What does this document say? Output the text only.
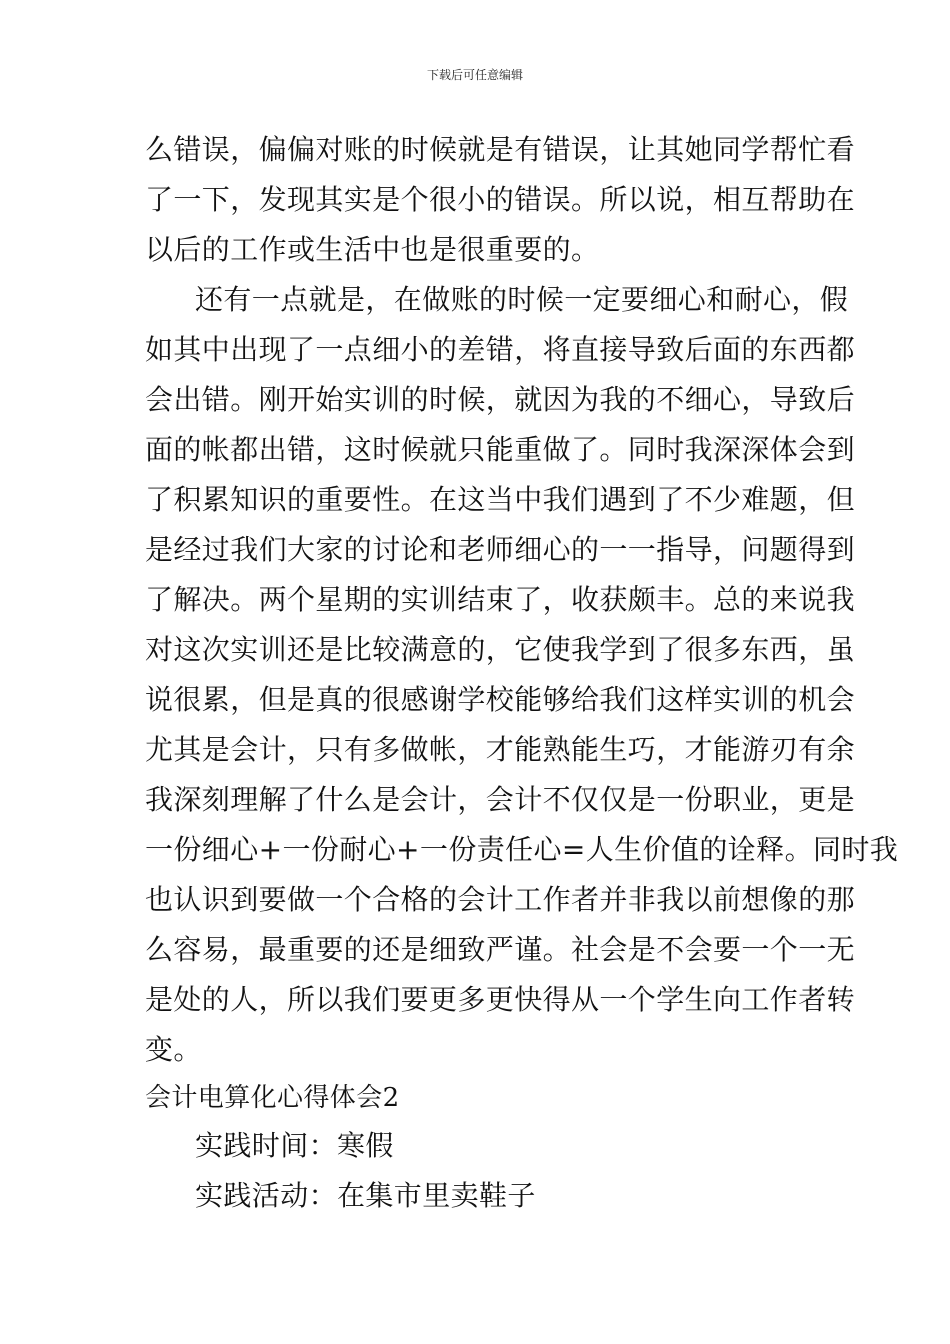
下载后可任意编辑
么错误，偏偏对账的时候就是有错误，让其她同学帮忙看
了一下，发现其实是个很小的错误。所以说，相互帮助在
以后的工作或生活中也是很重要的。
还有一点就是，在做账的时候一定要细心和耐心，假
如其中出现了一点细小的差错，将直接导致后面的东西都
会出错。刚开始实训的时候，就因为我的不细心，导致后
面的帐都出错，这时候就只能重做了。同时我深深体会到
了积累知识的重要性。在这当中我们遇到了不少难题，但
是经过我们大家的讨论和老师细心的一一指导，问题得到
了解决。两个星期的实训结束了，收获颇丰。总的来说我
对这次实训还是比较满意的，它使我学到了很多东西，虽
说很累，但是真的很感谢学校能够给我们这样实训的机会
尤其是会计，只有多做帐，才能熟能生巧，才能游刃有余
我深刻理解了什么是会计，会计不仅仅是一份职业，更是
一份细心+一份耐心+一份责任心=人生价值的诠释。同时我
也认识到要做一个合格的会计工作者并非我以前想像的那
么容易，最重要的还是细致严谨。社会是不会要一个一无
是处的人，所以我们要更多更快得从一个学生向工作者转
变。
会计电算化心得体会2
实践时间：寒假
实践活动：在集市里卖鞋子
